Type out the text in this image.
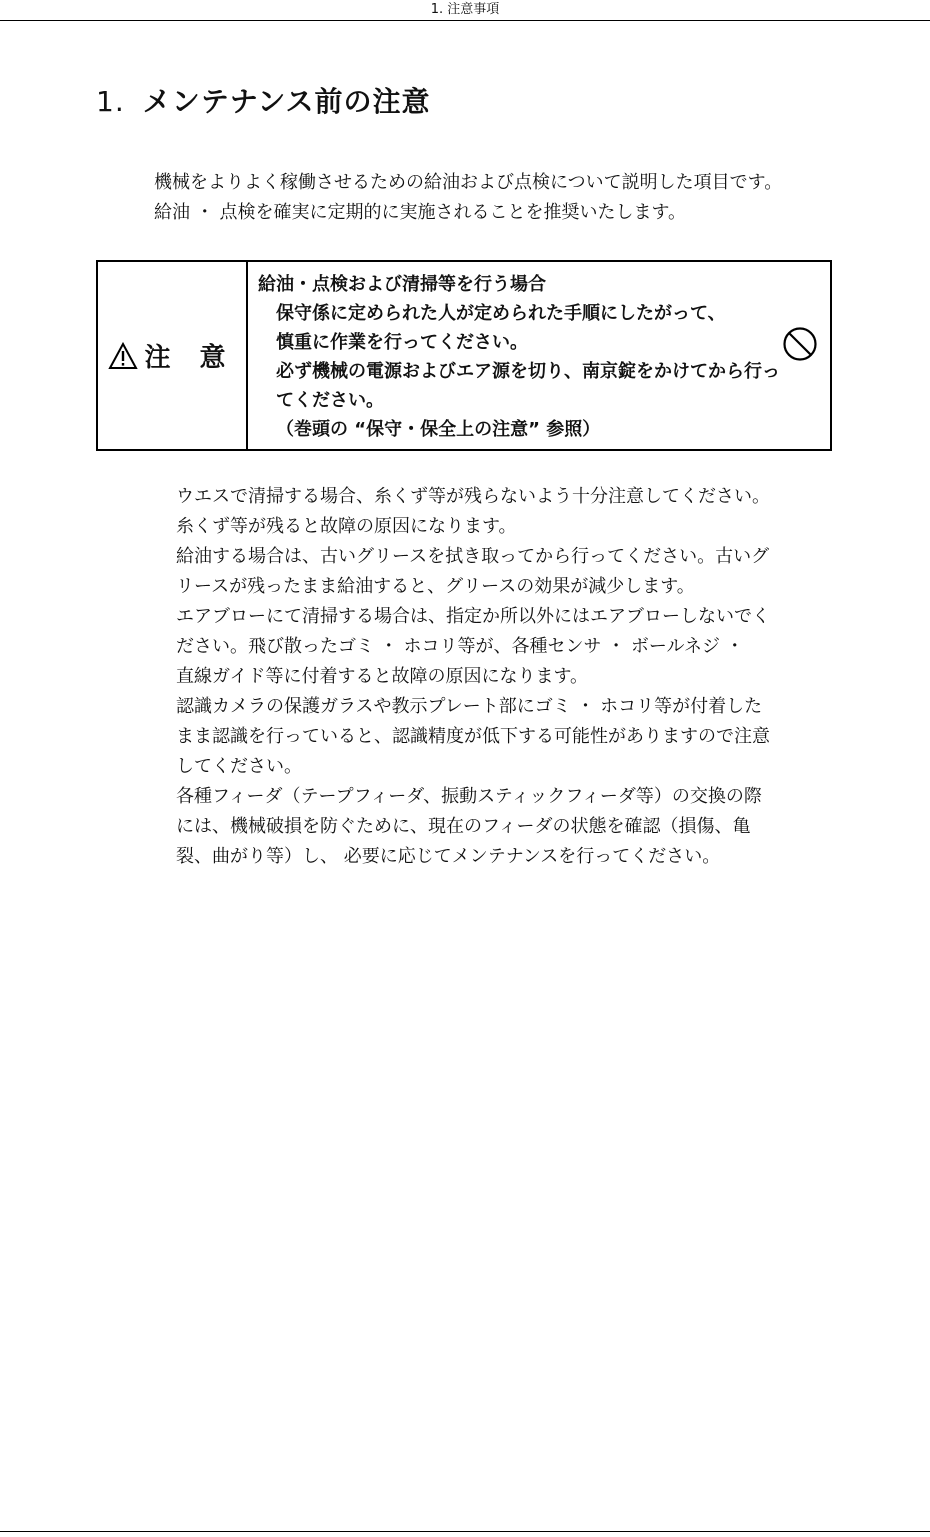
1. 注意事項
1. メンテナンス前の注意

機械をよりよく稼働させるための給油および点検について説明した項目です。

給油 ・ 点検を確実に定期的に実施されることを推奨いたします。

注 意

給油・点検および清掃等を行う場合

保守係に定められた人が定められた手順にしたがって、

慎重に作業を行ってください。

必ず機械の電源およびエア源を切り、南京錠をかけてから行っ

てください。

（巻頭の “保守・保全上の注意” 参照）

ウエスで清掃する場合、糸くず等が残らないよう十分注意してください。

糸くず等が残ると故障の原因になります。

給油する場合は、古いグリースを拭き取ってから行ってください。古いグ

リースが残ったまま給油すると、グリースの効果が減少します。

エアブローにて清掃する場合は、指定か所以外にはエアブローしないでく

ださい。飛び散ったゴミ ・ ホコリ等が、各種センサ ・ ボールネジ ・

直線ガイド等に付着すると故障の原因になります。

認識カメラの保護ガラスや教示プレート部にゴミ ・ ホコリ等が付着した

まま認識を行っていると、認識精度が低下する可能性がありますので注意

してください。

各種フィーダ（テープフィーダ、振動スティックフィーダ等）の交換の際

には、機械破損を防ぐために、現在のフィーダの状態を確認（損傷、亀

裂、曲がり等）し、 必要に応じてメンテナンスを行ってください。
